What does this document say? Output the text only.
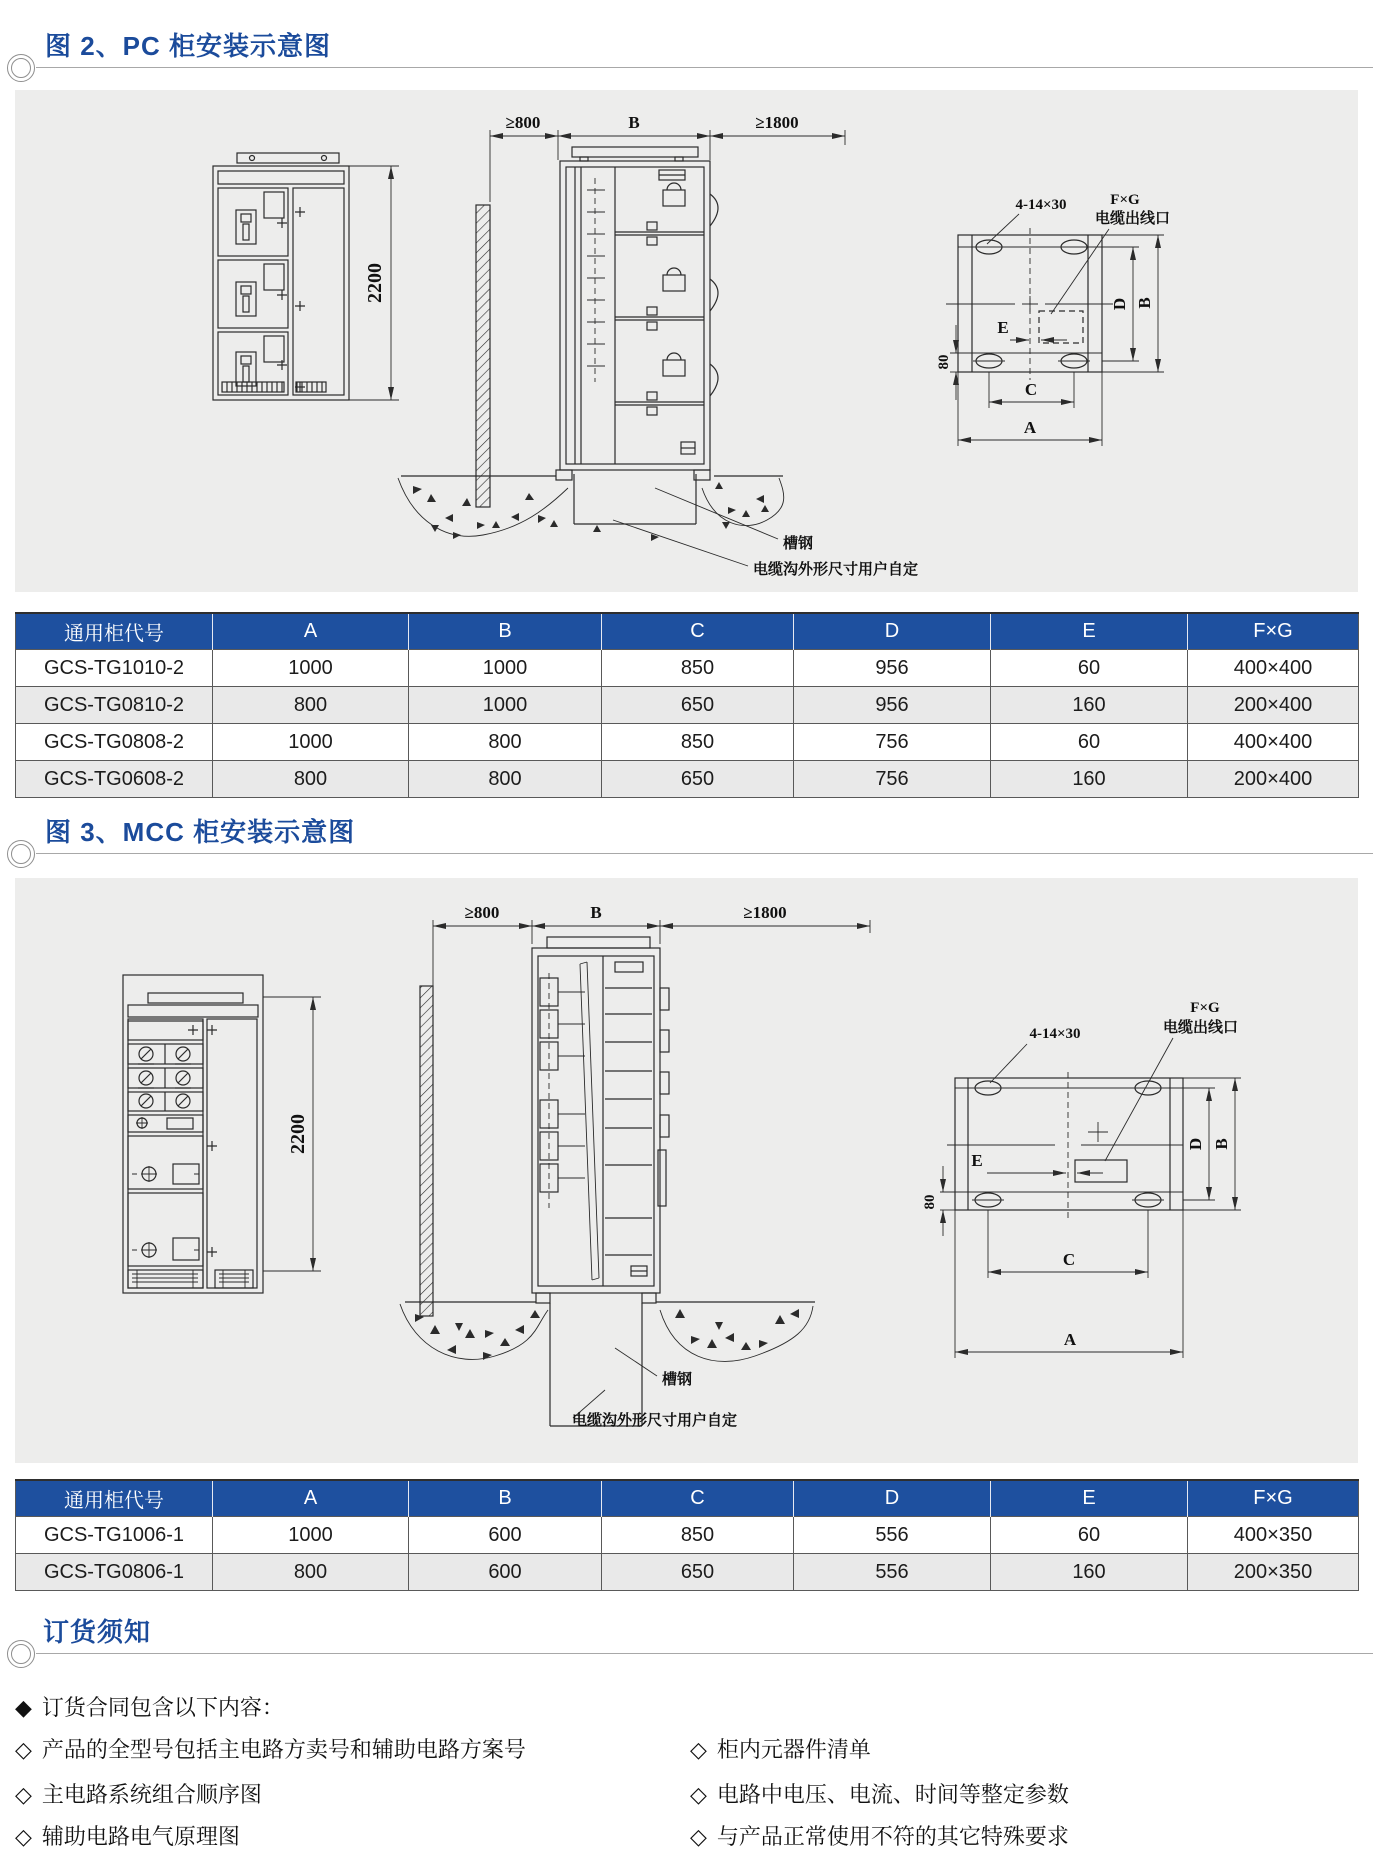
图 2、PC 柜安装示意图
2200
≥800	B	≥1800
槽钢
电缆沟外形尺寸用户自定
E
80
C
A
D B
4-14×30	F×G
电缆出线口
通用柜代号	A	B	C	D	E	F×G
GCS-TG1010-2	1000	1000	850	956	60	400×400
GCS-TG0810-2	800	1000	650	956	160	200×400
GCS-TG0808-2	1000	800	850	756	60	400×400
GCS-TG0608-2	800	800	650	756	160	200×400
图 3、MCC 柜安装示意图
2200
≥800	B	≥1800
槽钢
电缆沟外形尺寸用户自定
E
80
C
A
D B
4-14×30
F×G
电缆出线口
通用柜代号	A	B	C	D	E	F×G
GCS-TG1006-1	1000	600	850	556	60	400×350
GCS-TG0806-1	800	600	650	556	160	200×350
订货须知
◆ 订货合同包含以下内容：
◇ 产品的全型号包括主电路方卖号和辅助电路方案号
◇ 主电路系统组合顺序图
◇ 辅助电路电气原理图
◇ 柜内元器件清单
◇ 电路中电压、电流、时间等整定参数
◇ 与产品正常使用不符的其它特殊要求
